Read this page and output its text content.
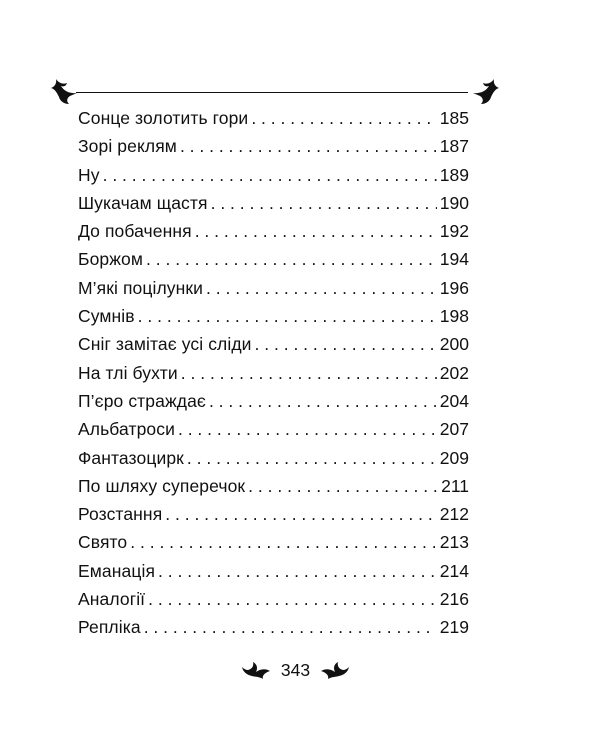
Сонце золотить гори . . .	185
Зорі реклям . . .	187
Ну . . .	189
Шукачам щастя . . .	190
До побачення . . .	192
Боржом . . .	194
М’які поцілунки . . .	196
Сумнів . . .	198
Сніг замітає усі сліди . . .	200
На тлі бухти . . .	202
П’єро страждає . . .	204
Альбатроси . . .	207
Фантазоцирк . . .	209
По шляху суперечок . . .	211
Розстання . . .	212
Свято . . .	213
Еманація . . .	214
Аналогії . . .	216
Репліка . . .	219
343
